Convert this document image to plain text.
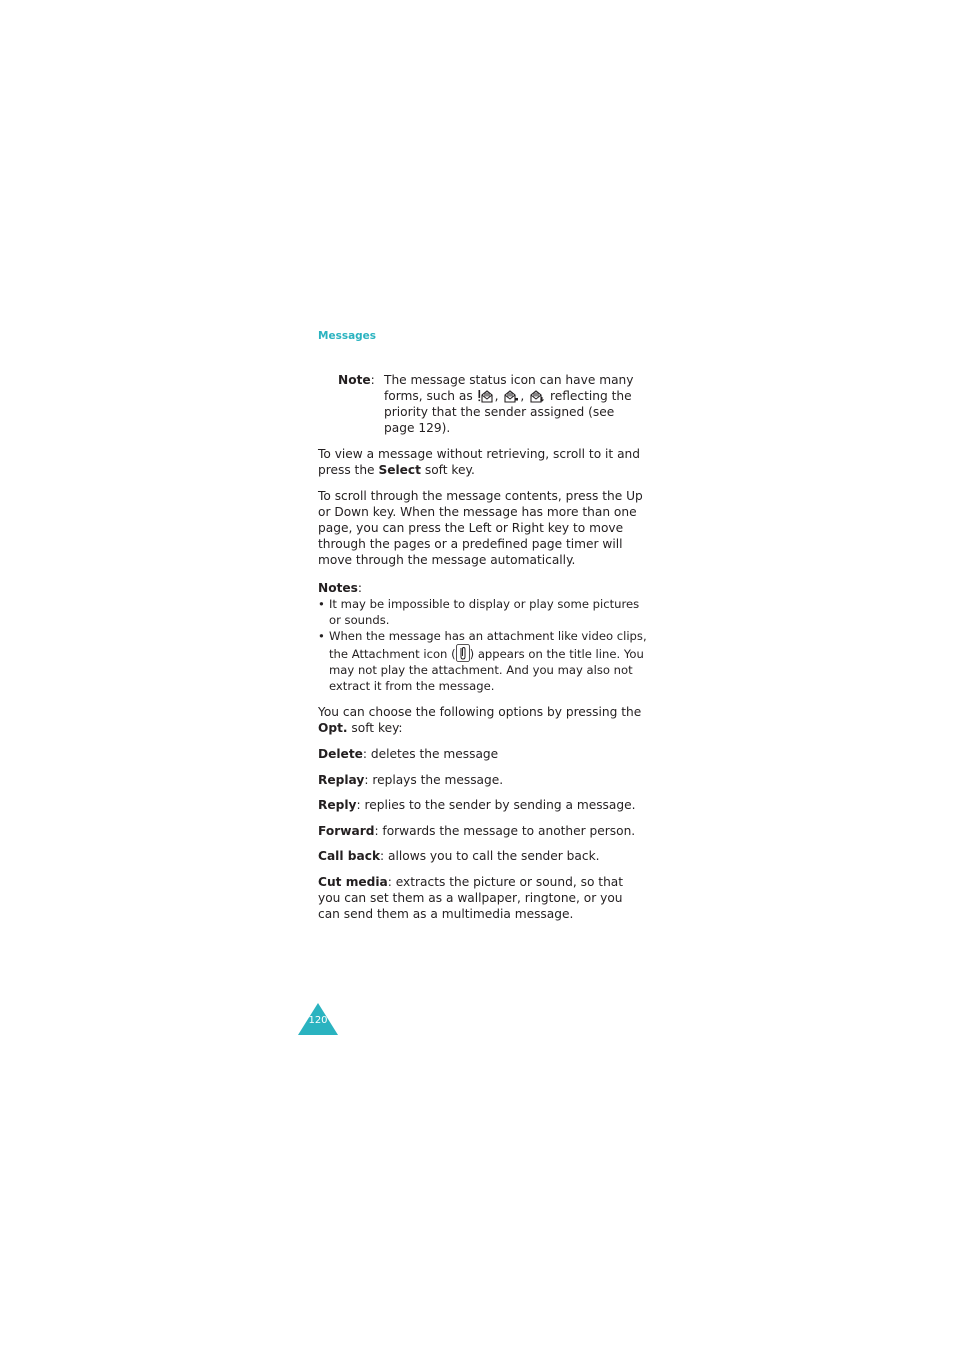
Messages
Note: The message status icon can have many forms, such as ,
,
reflecting the priority that the sender assigned (see page 129).

To view a message without retrieving, scroll to it and press the Select soft key.

To scroll through the message contents, press the Up or Down key. When the message has more than one page, you can press the Left or Right key to move through the pages or a predefined page timer will move through the message automatically.

Notes:
• It may be impossible to display or play some pictures or sounds.
• When the message has an attachment like video clips, the Attachment icon ( ) appears on the title line. You may not play the attachment. And you may also not extract it from the message.

You can choose the following options by pressing the Opt. soft key:

Delete: deletes the message

Replay: replays the message.

Reply: replies to the sender by sending a message.

Forward: forwards the message to another person.

Call back: allows you to call the sender back.

Cut media: extracts the picture or sound, so that you can set them as a wallpaper, ringtone, or you can send them as a multimedia message.

120
